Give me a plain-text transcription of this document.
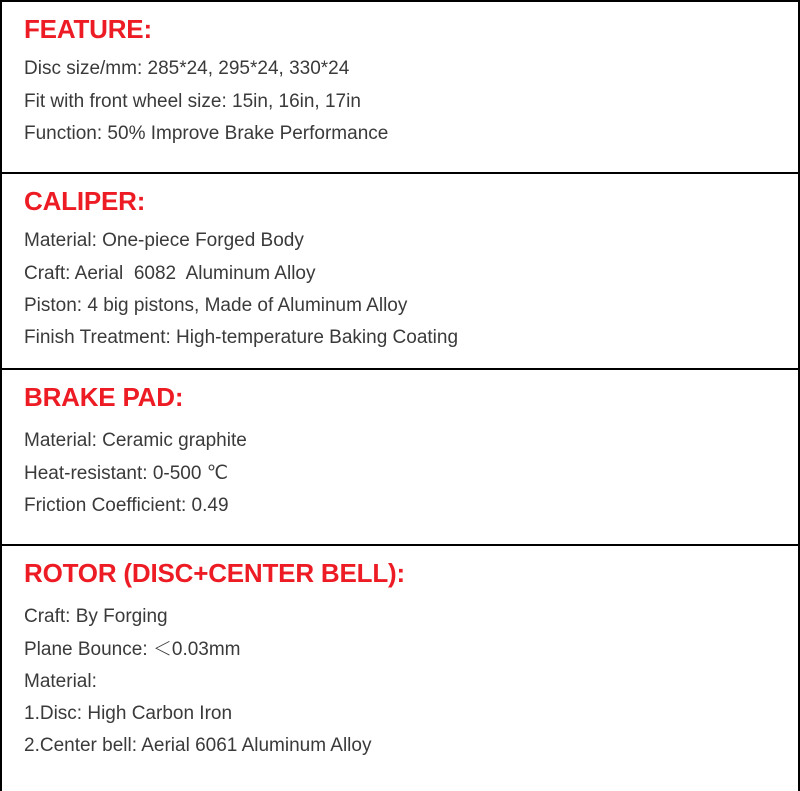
FEATURE:
Disc size/mm: 285*24, 295*24, 330*24
Fit with front wheel size: 15in, 16in, 17in
Function: 50% Improve Brake Performance
CALIPER:
Material: One-piece Forged Body
Craft: Aerial  6082  Aluminum Alloy
Piston: 4 big pistons, Made of Aluminum Alloy
Finish Treatment: High-temperature Baking Coating
BRAKE PAD:
Material: Ceramic graphite
Heat-resistant: 0-500 ℃
Friction Coefficient: 0.49
ROTOR (DISC+CENTER BELL):
Craft: By Forging
Plane Bounce: ＜0.03mm
Material:
1.Disc: High Carbon Iron
2.Center bell: Aerial 6061 Aluminum Alloy
